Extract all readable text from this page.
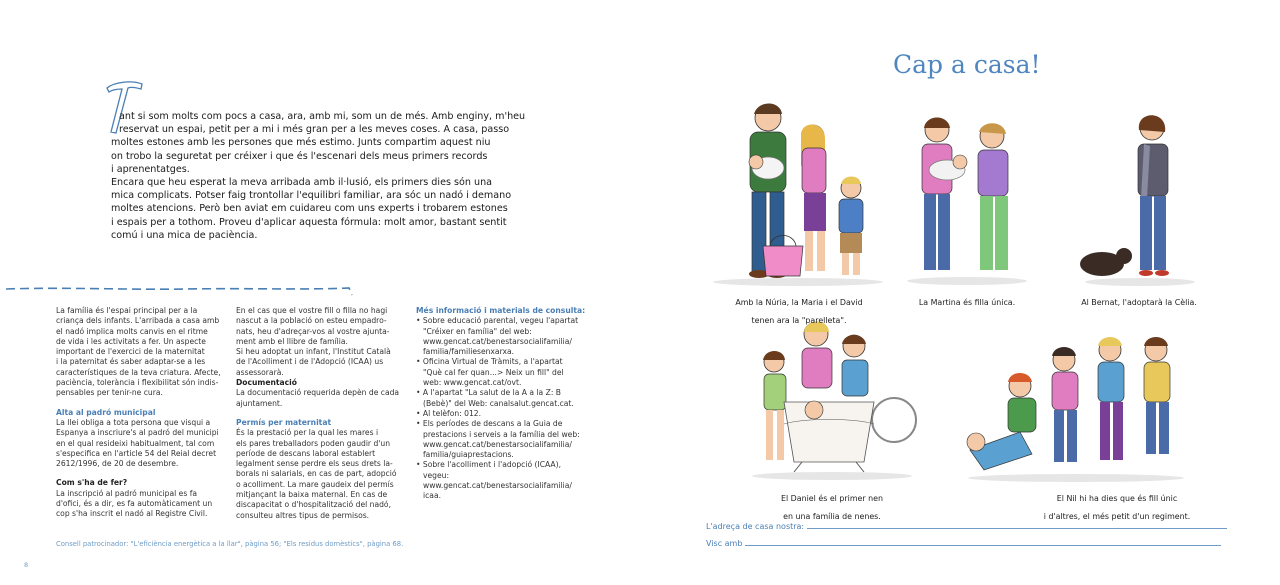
ant si som molts com pocs a casa, ara, amb mi, som un de més. Amb enginy, m'heu

reservat un espai, petit per a mi i més gran per a les meves coses. A casa, passo

moltes estones amb les persones que més estimo. Junts compartim aquest niu

on trobo la seguretat per créixer i que és l'escenari dels meus primers records

i aprenentatges.

Encara que heu esperat la meva arribada amb il·lusió, els primers dies són una

mica complicats. Potser faig trontollar l'equilibri familiar, ara sóc un nadó i demano

moltes atencions. Però ben aviat em cuidareu com uns experts i trobarem estones

i espais per a tothom. Proveu d'aplicar aquesta fórmula: molt amor, bastant sentit

comú i una mica de paciència.

La família és l'espai principal per a la

criança dels infants. L'arribada a casa amb

el nadó implica molts canvis en el ritme

de vida i les activitats a fer. Un aspecte

important de l'exercici de la maternitat

i la paternitat és saber adaptar-se a les

característiques de la teva criatura. Afecte,

paciència, tolerància i flexibilitat són indis-

pensables per tenir-ne cura.

Alta al padró municipal

La llei obliga a tota persona que visqui a

Espanya a inscriure's al padró del municipi

en el qual resideixi habitualment, tal com

s'especifica en l'article 54 del Reial decret

2612/1996, de 20 de desembre.

Com s'ha de fer?

La inscripció al padró municipal es fa

d'ofici, és a dir, es fa automàticament un

cop s'ha inscrit el nadó al Registre Civil.

En el cas que el vostre fill o filla no hagi

nascut a la població on esteu empadro-

nats, heu d'adreçar-vos al vostre ajunta-

ment amb el llibre de família.

Si heu adoptat un infant, l'Institut Català

de l'Acolliment i de l'Adopció (ICAA) us

assessorarà.

Documentació

La documentació requerida depèn de cada

ajuntament.

Permís per maternitat

És la prestació per la qual les mares i

els pares treballadors poden gaudir d'un

període de descans laboral establert

legalment sense perdre els seus drets la-

borals ni salarials, en cas de part, adopció

o acolliment. La mare gaudeix del permís

mitjançant la baixa maternal. En cas de

discapacitat o d'hospitalització del nadó,

consulteu altres tipus de permisos.

Més informació i materials de consulta:

• Sobre educació parental, vegeu l'apartat

"Créixer en família" del web:

www.gencat.cat/benestarsocialifamilia/

familia/familiesenxarxa.

• Oficina Virtual de Tràmits, a l'apartat

"Què cal fer quan...> Neix un fill" del

web: www.gencat.cat/ovt.

• A l'apartat "La salut de la A a la Z: B

(Bebè)" del Web: canalsalut.gencat.cat.

• Al telèfon: 012.

• Els períodes de descans a la Guia de

prestacions i serveis a la família del web:

www.gencat.cat/benestarsocialifamilia/

familia/guiaprestacions.

• Sobre l'acolliment i l'adopció (ICAA),

vegeu:

www.gencat.cat/benestarsocialifamilia/

icaa.

Consell patrocinador: "L'eficiència energètica a la llar", pàgina 56; "Els residus domèstics", pàgina 68.
8
Cap a casa!

Amb la Núria, la Maria i el David

tenen ara la "parelleta".

La Martina és filla única.	Al Bernat, l'adoptarà la Cèlia.

El Daniel és el primer nen

en una família de nenes.

El Nil hi ha dies que és fill únic

i d'altres, el més petit d'un regiment.

L'adreça de casa nostra:
Visc amb
